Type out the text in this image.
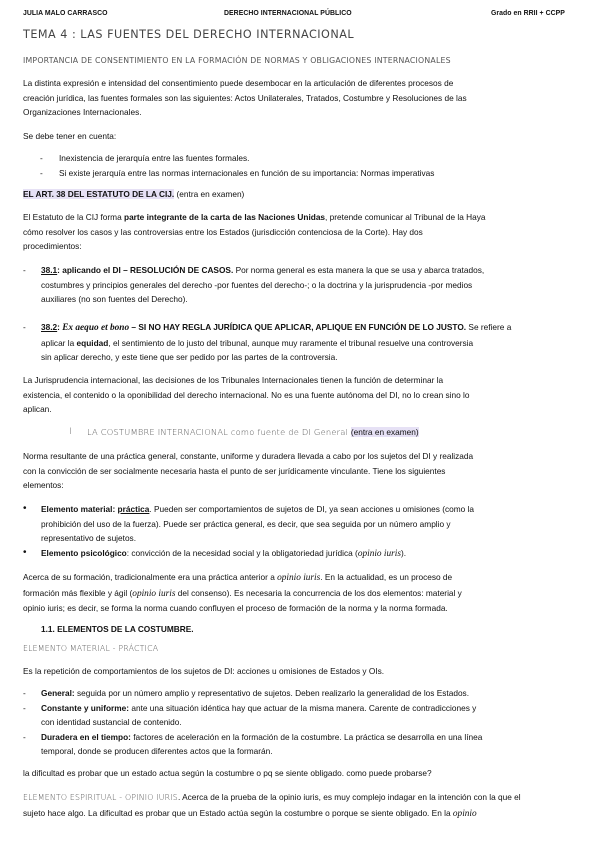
JULIA MALO CARRASCO	DERECHO INTERNACIONAL PÚBLICO	Grado en RRII + CCPP
TEMA 4 : LAS FUENTES DEL DERECHO INTERNACIONAL
IMPORTANCIA DE CONSENTIMIENTO EN LA FORMACIÓN DE NORMAS Y OBLIGACIONES INTERNACIONALES
La distinta expresión e intensidad del consentimiento puede desembocar en la articulación de diferentes procesos de
creación jurídica, las fuentes formales son las siguientes: Actos Unilaterales, Tratados, Costumbre y Resoluciones de las
Organizaciones Internacionales.
Se debe tener en cuenta:
- Inexistencia de jerarquía entre las fuentes formales.
- Si existe jerarquía entre las normas internacionales en función de su importancia: Normas imperativas
EL ART. 38 DEL ESTATUTO DE LA CIJ. (entra en examen)
El Estatuto de la CIJ forma parte integrante de la carta de las Naciones Unidas, pretende comunicar al Tribunal de la Haya
cómo resolver los casos y las controversias entre los Estados (jurisdicción contenciosa de la Corte). Hay dos
procedimientos:
- 38.1: aplicando el DI – RESOLUCIÓN DE CASOS. Por norma general es esta manera la que se usa y abarca tratados,
costumbres y principios generales del derecho -por fuentes del derecho-; o la doctrina y la jurisprudencia -por medios
auxiliares (no son fuentes del Derecho).
- 38.2: Ex aequo et bono – SI NO HAY REGLA JURÍDICA QUE APLICAR, APLIQUE EN FUNCIÓN DE LO JUSTO. Se refiere a
aplicar la equidad, el sentimiento de lo justo del tribunal, aunque muy raramente el tribunal resuelve una controversia
sin aplicar derecho, y este tiene que ser pedido por las partes de la controversia.
La Jurisprudencia internacional, las decisiones de los Tribunales Internacionales tienen la función de determinar la
existencia, el contenido o la oponibilidad del derecho internacional. No es una fuente autónoma del DI, no lo crean sino lo
aplican.
I LA COSTUMBRE INTERNACIONAL como fuente de DI General (entra en examen)
Norma resultante de una práctica general, constante, uniforme y duradera llevada a cabo por los sujetos del DI y realizada
con la convicción de ser socialmente necesaria hasta el punto de ser jurídicamente vinculante. Tiene los siguientes
elementos:
• Elemento material: práctica. Pueden ser comportamientos de sujetos de DI, ya sean acciones u omisiones (como la
prohibición del uso de la fuerza). Puede ser práctica general, es decir, que sea seguida por un número amplio y
representativo de sujetos.
• Elemento psicológico: convicción de la necesidad social y la obligatoriedad jurídica (opinio iuris).
Acerca de su formación, tradicionalmente era una práctica anterior a opinio iuris. En la actualidad, es un proceso de
formación más flexible y ágil (opinio iuris del consenso). Es necesaria la concurrencia de los dos elementos: material y
opinio iuris; es decir, se forma la norma cuando confluyen el proceso de formación de la norma y la norma formada.
1.1. ELEMENTOS DE LA COSTUMBRE.
ELEMENTO MATERIAL - PRÁCTICA
Es la repetición de comportamientos de los sujetos de DI: acciones u omisiones de Estados y OIs.
- General: seguida por un número amplio y representativo de sujetos. Deben realizarlo la generalidad de los Estados.
- Constante y uniforme: ante una situación idéntica hay que actuar de la misma manera. Carente de contradicciones y
con identidad sustancial de contenido.
- Duradera en el tiempo: factores de aceleración en la formación de la costumbre. La práctica se desarrolla en una línea
temporal, donde se producen diferentes actos que la formarán.
la dificultad es probar que un estado actua según la costumbre o pq se siente obligado. como puede probarse?
ELEMENTO ESPIRITUAL - OPINIO IURIS. Acerca de la prueba de la opinio iuris, es muy complejo indagar en la intención con la que el
sujeto hace algo. La dificultad es probar que un Estado actúa según la costumbre o porque se siente obligado. En la opinio
